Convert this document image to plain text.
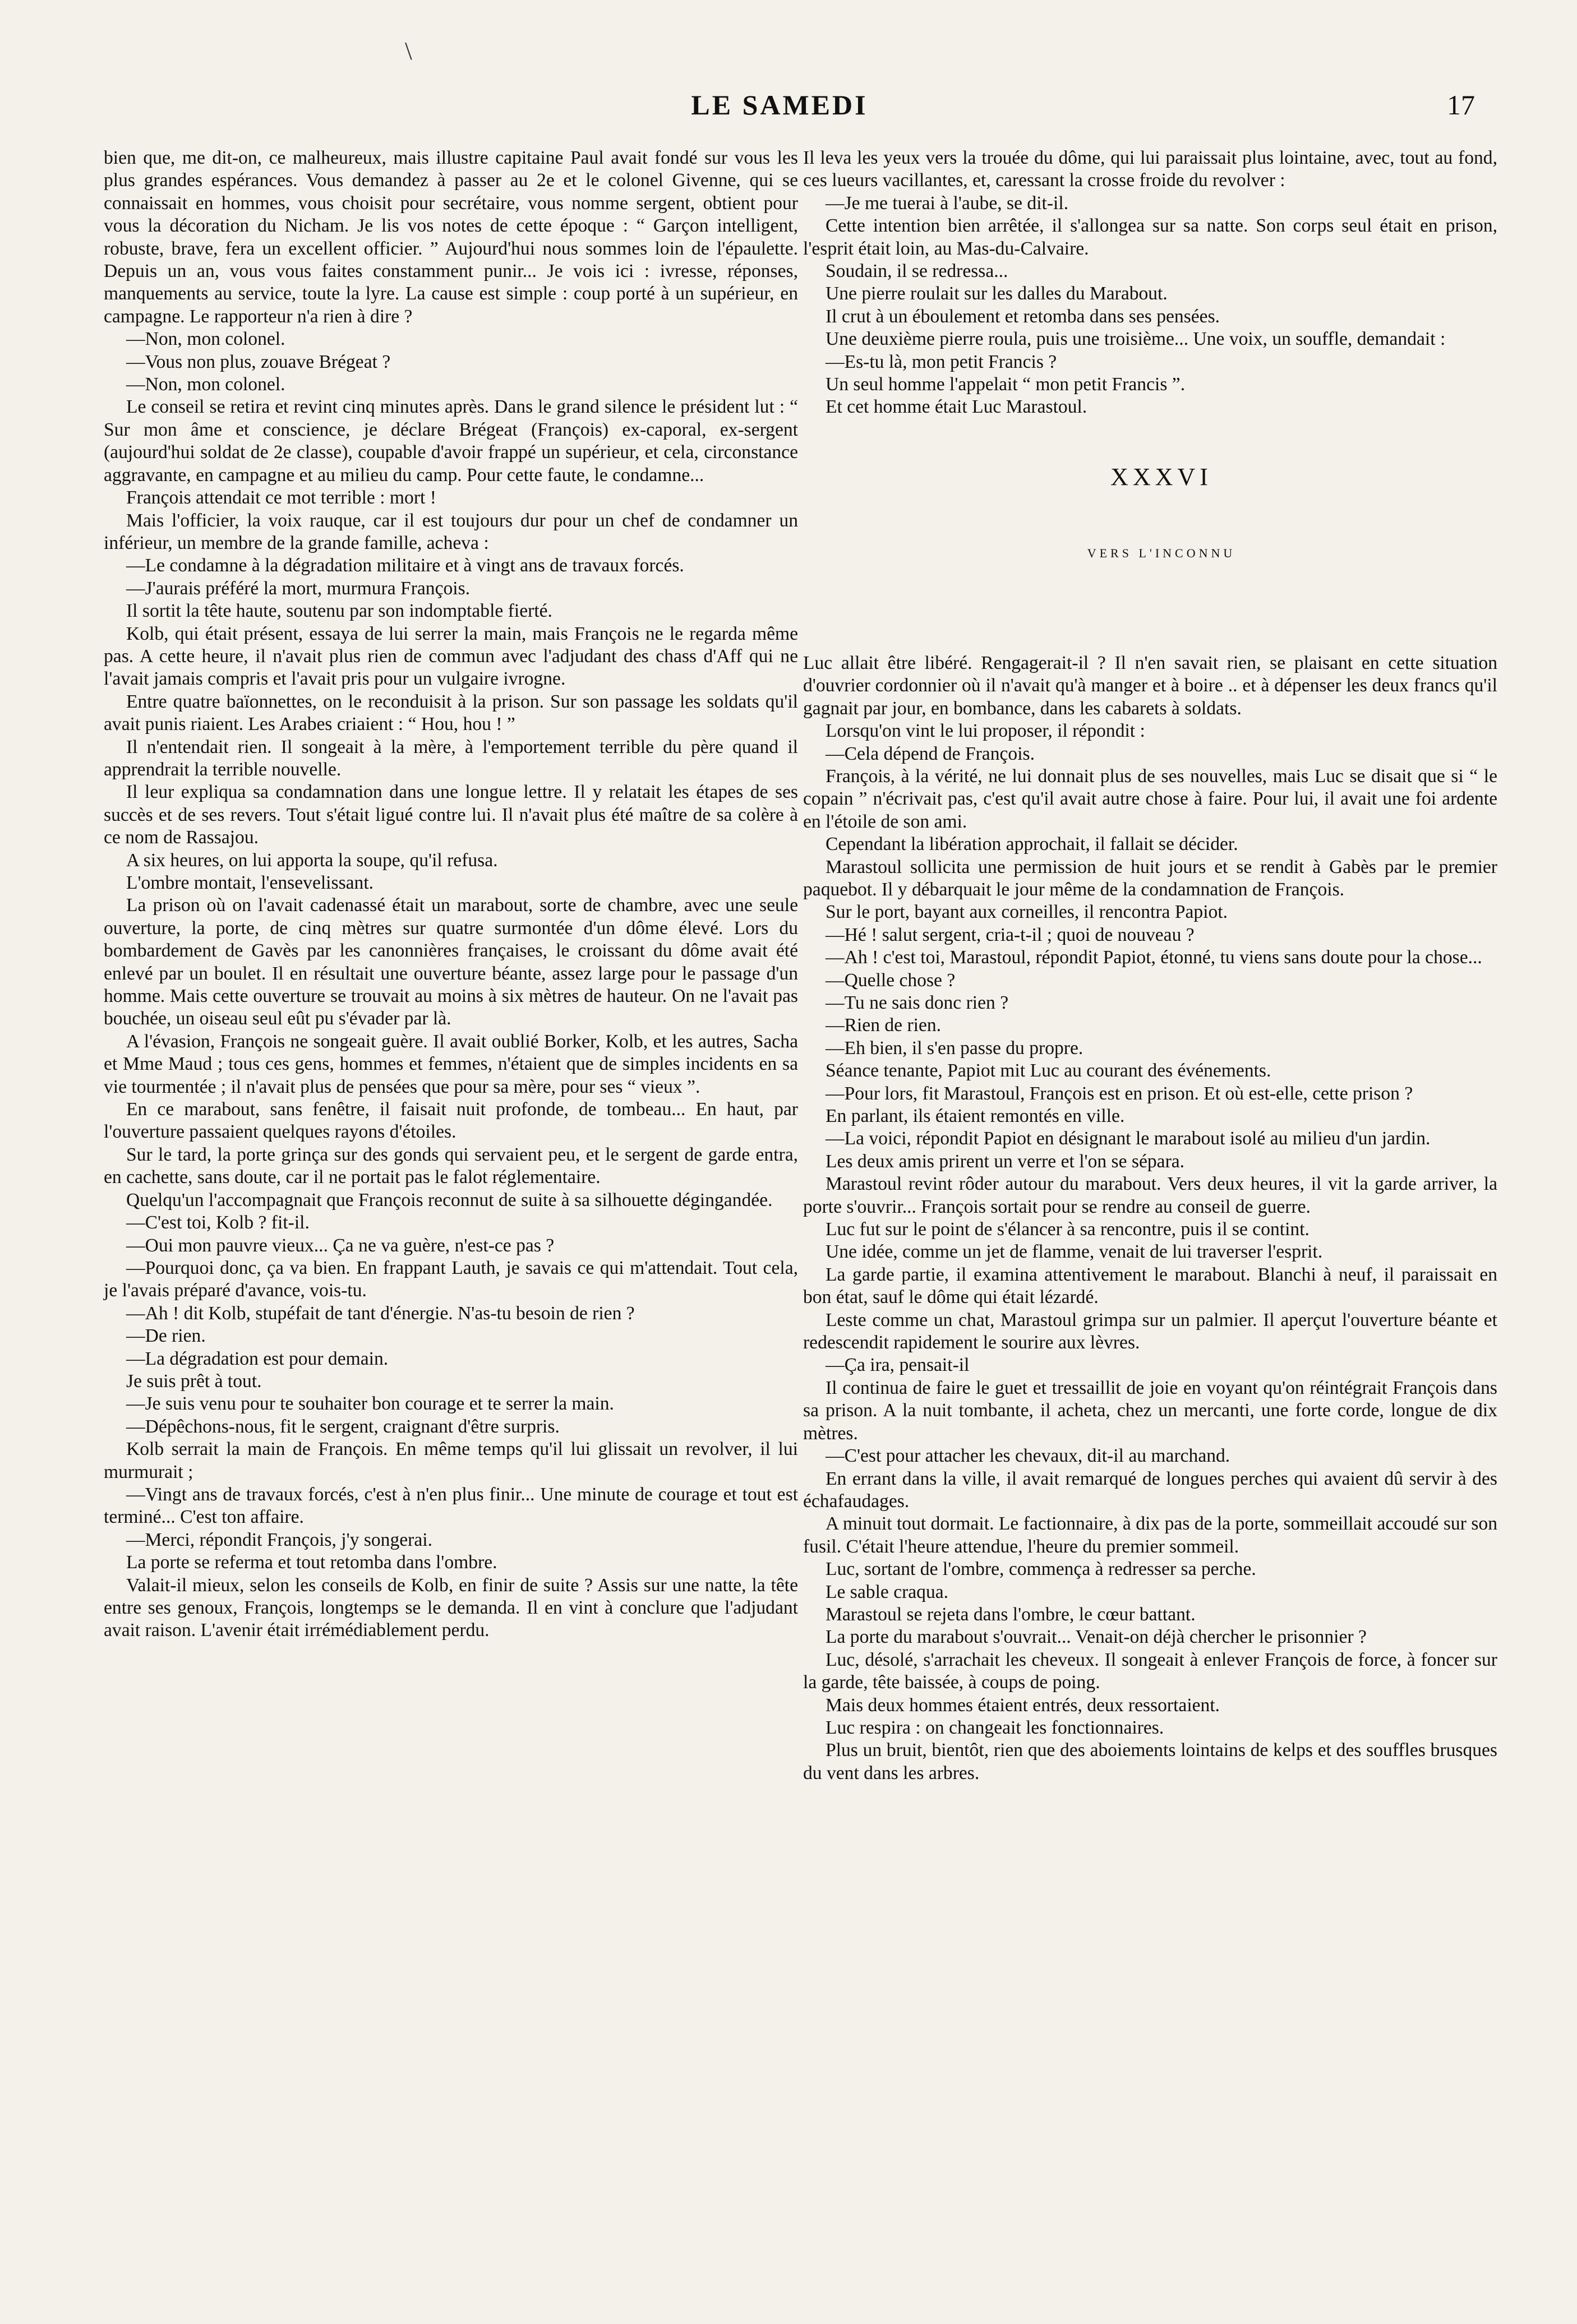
\
LE SAMEDI	17

bien que, me dit-on, ce malheureux, mais illustre capitaine Paul avait fondé sur vous les plus grandes espérances. Vous demandez à passer au 2e et le colonel Givenne, qui se connaissait en hommes, vous choisit pour secrétaire, vous nomme sergent, obtient pour vous la décoration du Nicham. Je lis vos notes de cette époque : “ Garçon intelligent, robuste, brave, fera un excellent officier. ” Aujourd'hui nous sommes loin de l'épaulette. Depuis un an, vous vous faites constamment punir... Je vois ici : ivresse, réponses, manquements au service, toute la lyre. La cause est simple : coup porté à un supérieur, en campagne. Le rapporteur n'a rien à dire ?

—Non, mon colonel.

—Vous non plus, zouave Brégeat ?

—Non, mon colonel.

Le conseil se retira et revint cinq minutes après. Dans le grand silence le président lut : “ Sur mon âme et conscience, je déclare Brégeat (François) ex-caporal, ex-sergent (aujourd'hui soldat de 2e classe), coupable d'avoir frappé un supérieur, et cela, circonstance aggravante, en campagne et au milieu du camp. Pour cette faute, le condamne...

François attendait ce mot terrible : mort !

Mais l'officier, la voix rauque, car il est toujours dur pour un chef de condamner un inférieur, un membre de la grande famille, acheva :

—Le condamne à la dégradation militaire et à vingt ans de travaux forcés.

—J'aurais préféré la mort, murmura François.

Il sortit la tête haute, soutenu par son indomptable fierté.

Kolb, qui était présent, essaya de lui serrer la main, mais François ne le regarda même pas. A cette heure, il n'avait plus rien de commun avec l'adjudant des chass d'Aff qui ne l'avait jamais compris et l'avait pris pour un vulgaire ivrogne.

Entre quatre baïonnettes, on le reconduisit à la prison. Sur son passage les soldats qu'il avait punis riaient. Les Arabes criaient : “ Hou, hou ! ”

Il n'entendait rien. Il songeait à la mère, à l'emportement terrible du père quand il apprendrait la terrible nouvelle.

Il leur expliqua sa condamnation dans une longue lettre. Il y relatait les étapes de ses succès et de ses revers. Tout s'était ligué contre lui. Il n'avait plus été maître de sa colère à ce nom de Rassajou.

A six heures, on lui apporta la soupe, qu'il refusa.

L'ombre montait, l'ensevelissant.

La prison où on l'avait cadenassé était un marabout, sorte de chambre, avec une seule ouverture, la porte, de cinq mètres sur quatre surmontée d'un dôme élevé. Lors du bombardement de Gavès par les canonnières françaises, le croissant du dôme avait été enlevé par un boulet. Il en résultait une ouverture béante, assez large pour le passage d'un homme. Mais cette ouverture se trouvait au moins à six mètres de hauteur. On ne l'avait pas bouchée, un oiseau seul eût pu s'évader par là.

A l'évasion, François ne songeait guère. Il avait oublié Borker, Kolb, et les autres, Sacha et Mme Maud ; tous ces gens, hommes et femmes, n'étaient que de simples incidents en sa vie tourmentée ; il n'avait plus de pensées que pour sa mère, pour ses “ vieux ”.

En ce marabout, sans fenêtre, il faisait nuit profonde, de tombeau... En haut, par l'ouverture passaient quelques rayons d'étoiles.

Sur le tard, la porte grinça sur des gonds qui servaient peu, et le sergent de garde entra, en cachette, sans doute, car il ne portait pas le falot réglementaire.

Quelqu'un l'accompagnait que François reconnut de suite à sa silhouette dégingandée.

—C'est toi, Kolb ? fit-il.

—Oui mon pauvre vieux... Ça ne va guère, n'est-ce pas ?

—Pourquoi donc, ça va bien. En frappant Lauth, je savais ce qui m'attendait. Tout cela, je l'avais préparé d'avance, vois-tu.

—Ah ! dit Kolb, stupéfait de tant d'énergie. N'as-tu besoin de rien ?

—De rien.

—La dégradation est pour demain.

Je suis prêt à tout.

—Je suis venu pour te souhaiter bon courage et te serrer la main.

—Dépêchons-nous, fit le sergent, craignant d'être surpris.

Kolb serrait la main de François. En même temps qu'il lui glissait un revolver, il lui murmurait ;

—Vingt ans de travaux forcés, c'est à n'en plus finir... Une minute de courage et tout est terminé... C'est ton affaire.

—Merci, répondit François, j'y songerai.

La porte se referma et tout retomba dans l'ombre.

Valait-il mieux, selon les conseils de Kolb, en finir de suite ? Assis sur une natte, la tête entre ses genoux, François, longtemps se le demanda. Il en vint à conclure que l'adjudant avait raison. L'avenir était irrémédiablement perdu.

Il leva les yeux vers la trouée du dôme, qui lui paraissait plus lointaine, avec, tout au fond, ces lueurs vacillantes, et, caressant la crosse froide du revolver :

—Je me tuerai à l'aube, se dit-il.

Cette intention bien arrêtée, il s'allongea sur sa natte. Son corps seul était en prison, l'esprit était loin, au Mas-du-Calvaire.

Soudain, il se redressa...

Une pierre roulait sur les dalles du Marabout.

Il crut à un éboulement et retomba dans ses pensées.

Une deuxième pierre roula, puis une troisième... Une voix, un souffle, demandait :

—Es-tu là, mon petit Francis ?

Un seul homme l'appelait “ mon petit Francis ”.

Et cet homme était Luc Marastoul.

XXXVI

VERS L'INCONNU

Luc allait être libéré. Rengagerait-il ? Il n'en savait rien, se plaisant en cette situation d'ouvrier cordonnier où il n'avait qu'à manger et à boire .. et à dépenser les deux francs qu'il gagnait par jour, en bombance, dans les cabarets à soldats.

Lorsqu'on vint le lui proposer, il répondit :

—Cela dépend de François.

François, à la vérité, ne lui donnait plus de ses nouvelles, mais Luc se disait que si “ le copain ” n'écrivait pas, c'est qu'il avait autre chose à faire. Pour lui, il avait une foi ardente en l'étoile de son ami.

Cependant la libération approchait, il fallait se décider.

Marastoul sollicita une permission de huit jours et se rendit à Gabès par le premier paquebot. Il y débarquait le jour même de la condamnation de François.

Sur le port, bayant aux corneilles, il rencontra Papiot.

—Hé ! salut sergent, cria-t-il ; quoi de nouveau ?

—Ah ! c'est toi, Marastoul, répondit Papiot, étonné, tu viens sans doute pour la chose...

—Quelle chose ?

—Tu ne sais donc rien ?

—Rien de rien.

—Eh bien, il s'en passe du propre.

Séance tenante, Papiot mit Luc au courant des événements.

—Pour lors, fit Marastoul, François est en prison. Et où est-elle, cette prison ?

En parlant, ils étaient remontés en ville.

—La voici, répondit Papiot en désignant le marabout isolé au milieu d'un jardin.

Les deux amis prirent un verre et l'on se sépara.

Marastoul revint rôder autour du marabout. Vers deux heures, il vit la garde arriver, la porte s'ouvrir... François sortait pour se rendre au conseil de guerre.

Luc fut sur le point de s'élancer à sa rencontre, puis il se contint.

Une idée, comme un jet de flamme, venait de lui traverser l'esprit.

La garde partie, il examina attentivement le marabout. Blanchi à neuf, il paraissait en bon état, sauf le dôme qui était lézardé.

Leste comme un chat, Marastoul grimpa sur un palmier. Il aperçut l'ouverture béante et redescendit rapidement le sourire aux lèvres.

—Ça ira, pensait-il

Il continua de faire le guet et tressaillit de joie en voyant qu'on réintégrait François dans sa prison. A la nuit tombante, il acheta, chez un mercanti, une forte corde, longue de dix mètres.

—C'est pour attacher les chevaux, dit-il au marchand.

En errant dans la ville, il avait remarqué de longues perches qui avaient dû servir à des échafaudages.

A minuit tout dormait. Le factionnaire, à dix pas de la porte, sommeillait accoudé sur son fusil. C'était l'heure attendue, l'heure du premier sommeil.

Luc, sortant de l'ombre, commença à redresser sa perche.

Le sable craqua.

Marastoul se rejeta dans l'ombre, le cœur battant.

La porte du marabout s'ouvrait... Venait-on déjà chercher le prisonnier ?

Luc, désolé, s'arrachait les cheveux. Il songeait à enlever François de force, à foncer sur la garde, tête baissée, à coups de poing.

Mais deux hommes étaient entrés, deux ressortaient.

Luc respira : on changeait les fonctionnaires.

Plus un bruit, bientôt, rien que des aboiements lointains de kelps et des souffles brusques du vent dans les arbres.
